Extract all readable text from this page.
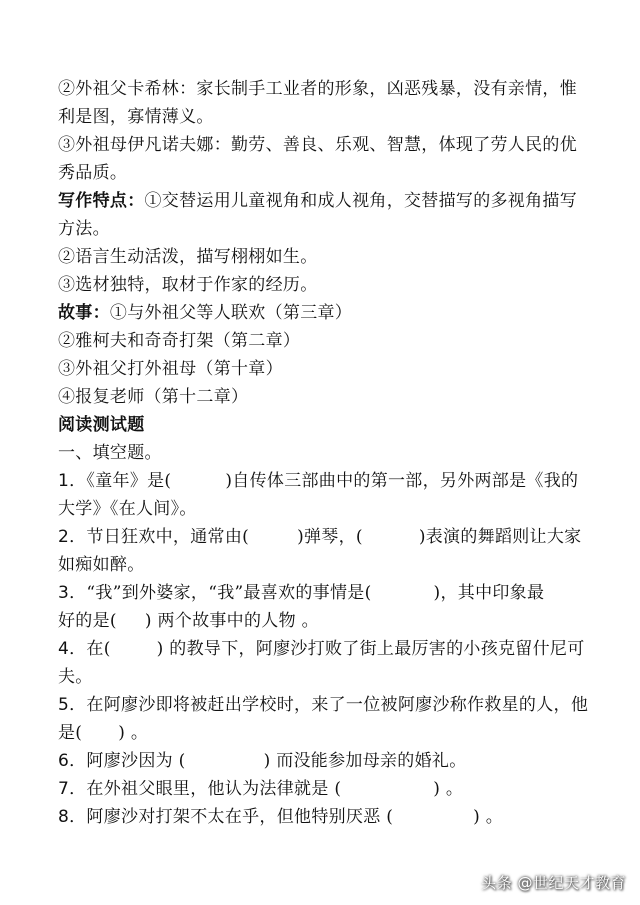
②外祖父卡希林：家长制手工业者的形象，凶恶残暴，没有亲情，惟
利是图，寡情薄义。
③外祖母伊凡诺夫娜：勤劳、善良、乐观、智慧，体现了劳人民的优
秀品质。
写作特点：①交替运用儿童视角和成人视角，交替描写的多视角描写
方法。
②语言生动活泼，描写栩栩如生。
③选材独特，取材于作家的经历。
故事：①与外祖父等人联欢（第三章）
②雅柯夫和奇奇打架（第二章）
③外祖父打外祖母（第十章）
④报复老师（第十二章）
阅读测试题
一、填空题。
1．《童年》是(	)自传体三部曲中的第一部，另外两部是《我的
大学》《在人间》。
2．节日狂欢中，通常由(	)弹琴，(	)表演的舞蹈则让大家
如痴如醉。
3．“我”到外婆家，“我”最喜欢的事情是(	)，其中印象最
好的是( ) 两个故事中的人物 。
4．在(	) 的教导下，阿廖沙打败了街上最厉害的小孩克留什尼可
夫。
5．在阿廖沙即将被赶出学校时，来了一位被阿廖沙称作救星的人，他
是( ) 。
6．阿廖沙因为 (	) 而没能参加母亲的婚礼。
7．在外祖父眼里，他认为法律就是 (	) 。
8．阿廖沙对打架不太在乎，但他特别厌恶 (	) 。
头条 @世纪天才教育
